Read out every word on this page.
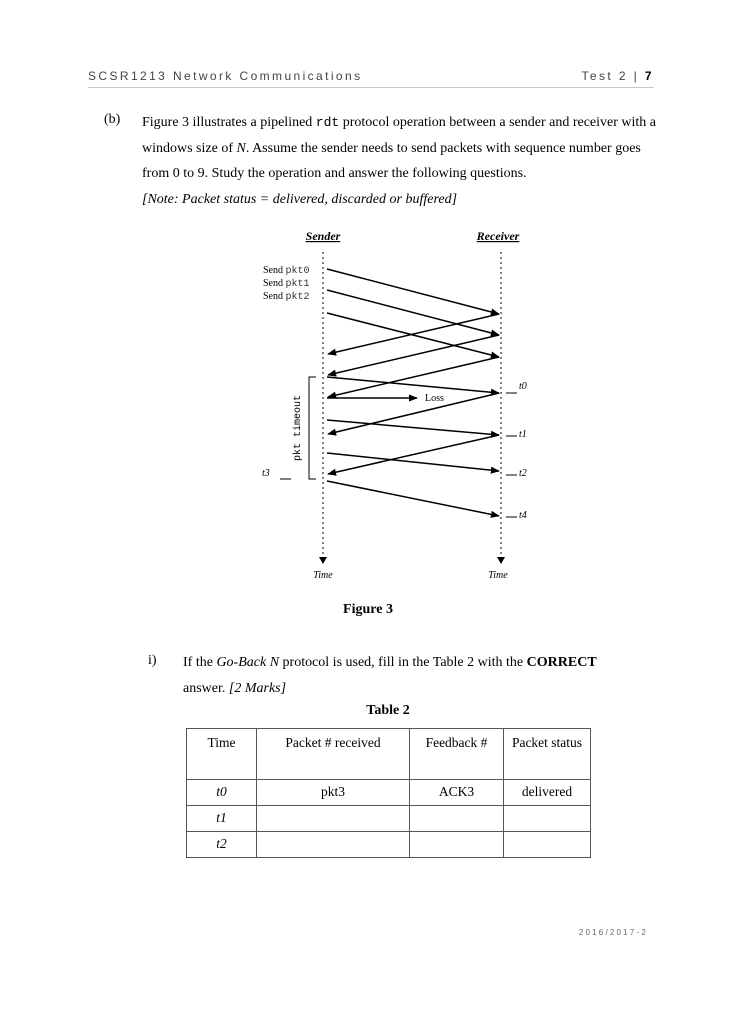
SCSR1213 Network Communications	Test 2 | 7
(b) Figure 3 illustrates a pipelined rdt protocol operation between a sender and receiver with a windows size of N. Assume the sender needs to send packets with sequence number goes from 0 to 9. Study the operation and answer the following questions.
[Note: Packet status = delivered, discarded or buffered]
Sender	Receiver
Send pkt0
Send pkt1
Send pkt2
Loss
pkt timeout
t0
t1
t2
t4
t3
Time	Time
Figure 3
i) If the Go-Back N protocol is used, fill in the Table 2 with the CORRECT
answer. [2 Marks]
Table 2
Time	Packet # received	Feedback #	Packet status
t0	pkt3	ACK3	delivered
t1			
t2			
2016/2017-2
